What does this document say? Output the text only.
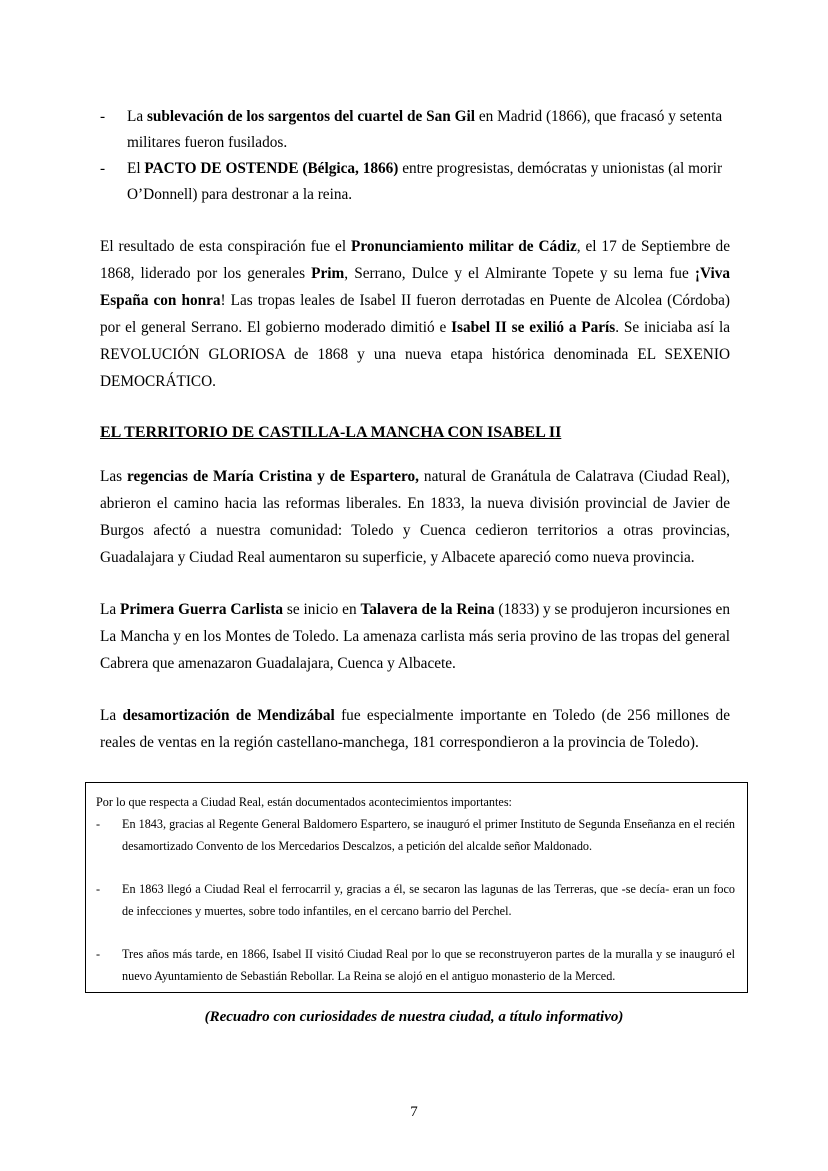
- La sublevación de los sargentos del cuartel de San Gil en Madrid (1866), que fracasó y setenta militares fueron fusilados.
- El PACTO DE OSTENDE (Bélgica, 1866) entre progresistas, demócratas y unionistas (al morir O’Donnell) para destronar a la reina.
El resultado de esta conspiración fue el Pronunciamiento militar de Cádiz, el 17 de Septiembre de 1868, liderado por los generales Prim, Serrano, Dulce y el Almirante Topete y su lema fue ¡Viva España con honra! Las tropas leales de Isabel II fueron derrotadas en Puente de Alcolea (Córdoba) por el general Serrano. El gobierno moderado dimitió e Isabel II se exilió a París. Se iniciaba así la REVOLUCIÓN GLORIOSA de 1868 y una nueva etapa histórica denominada EL SEXENIO DEMOCRÁTICO.
EL TERRITORIO DE CASTILLA-LA MANCHA CON ISABEL II
Las regencias de María Cristina y de Espartero, natural de Granátula de Calatrava (Ciudad Real), abrieron el camino hacia las reformas liberales. En 1833, la nueva división provincial de Javier de Burgos afectó a nuestra comunidad: Toledo y Cuenca cedieron territorios a otras provincias, Guadalajara y Ciudad Real aumentaron su superficie, y Albacete apareció como nueva provincia.
La Primera Guerra Carlista se inicio en Talavera de la Reina (1833) y se produjeron incursiones en La Mancha y en los Montes de Toledo. La amenaza carlista más seria provino de las tropas del general Cabrera que amenazaron Guadalajara, Cuenca y Albacete.
La desamortización de Mendizábal fue especialmente importante en Toledo (de 256 millones de reales de ventas en la región castellano-manchega, 181 correspondieron a la provincia de Toledo).

Por lo que respecta a Ciudad Real, están documentados acontecimientos importantes:

- En 1843, gracias al Regente General Baldomero Espartero, se inauguró el primer Instituto de Segunda Enseñanza en el recién desamortizado Convento de los Mercedarios Descalzos, a petición del alcalde señor Maldonado.
- En 1863 llegó a Ciudad Real el ferrocarril y, gracias a él, se secaron las lagunas de las Terreras, que -se decía- eran un foco de infecciones y muertes, sobre todo infantiles, en el cercano barrio del Perchel.
- Tres años más tarde, en 1866, Isabel II visitó Ciudad Real por lo que se reconstruyeron partes de la muralla y se inauguró el nuevo Ayuntamiento de Sebastián Rebollar. La Reina se alojó en el antiguo monasterio de la Merced.
(Recuadro con curiosidades de nuestra ciudad, a título informativo)
7
